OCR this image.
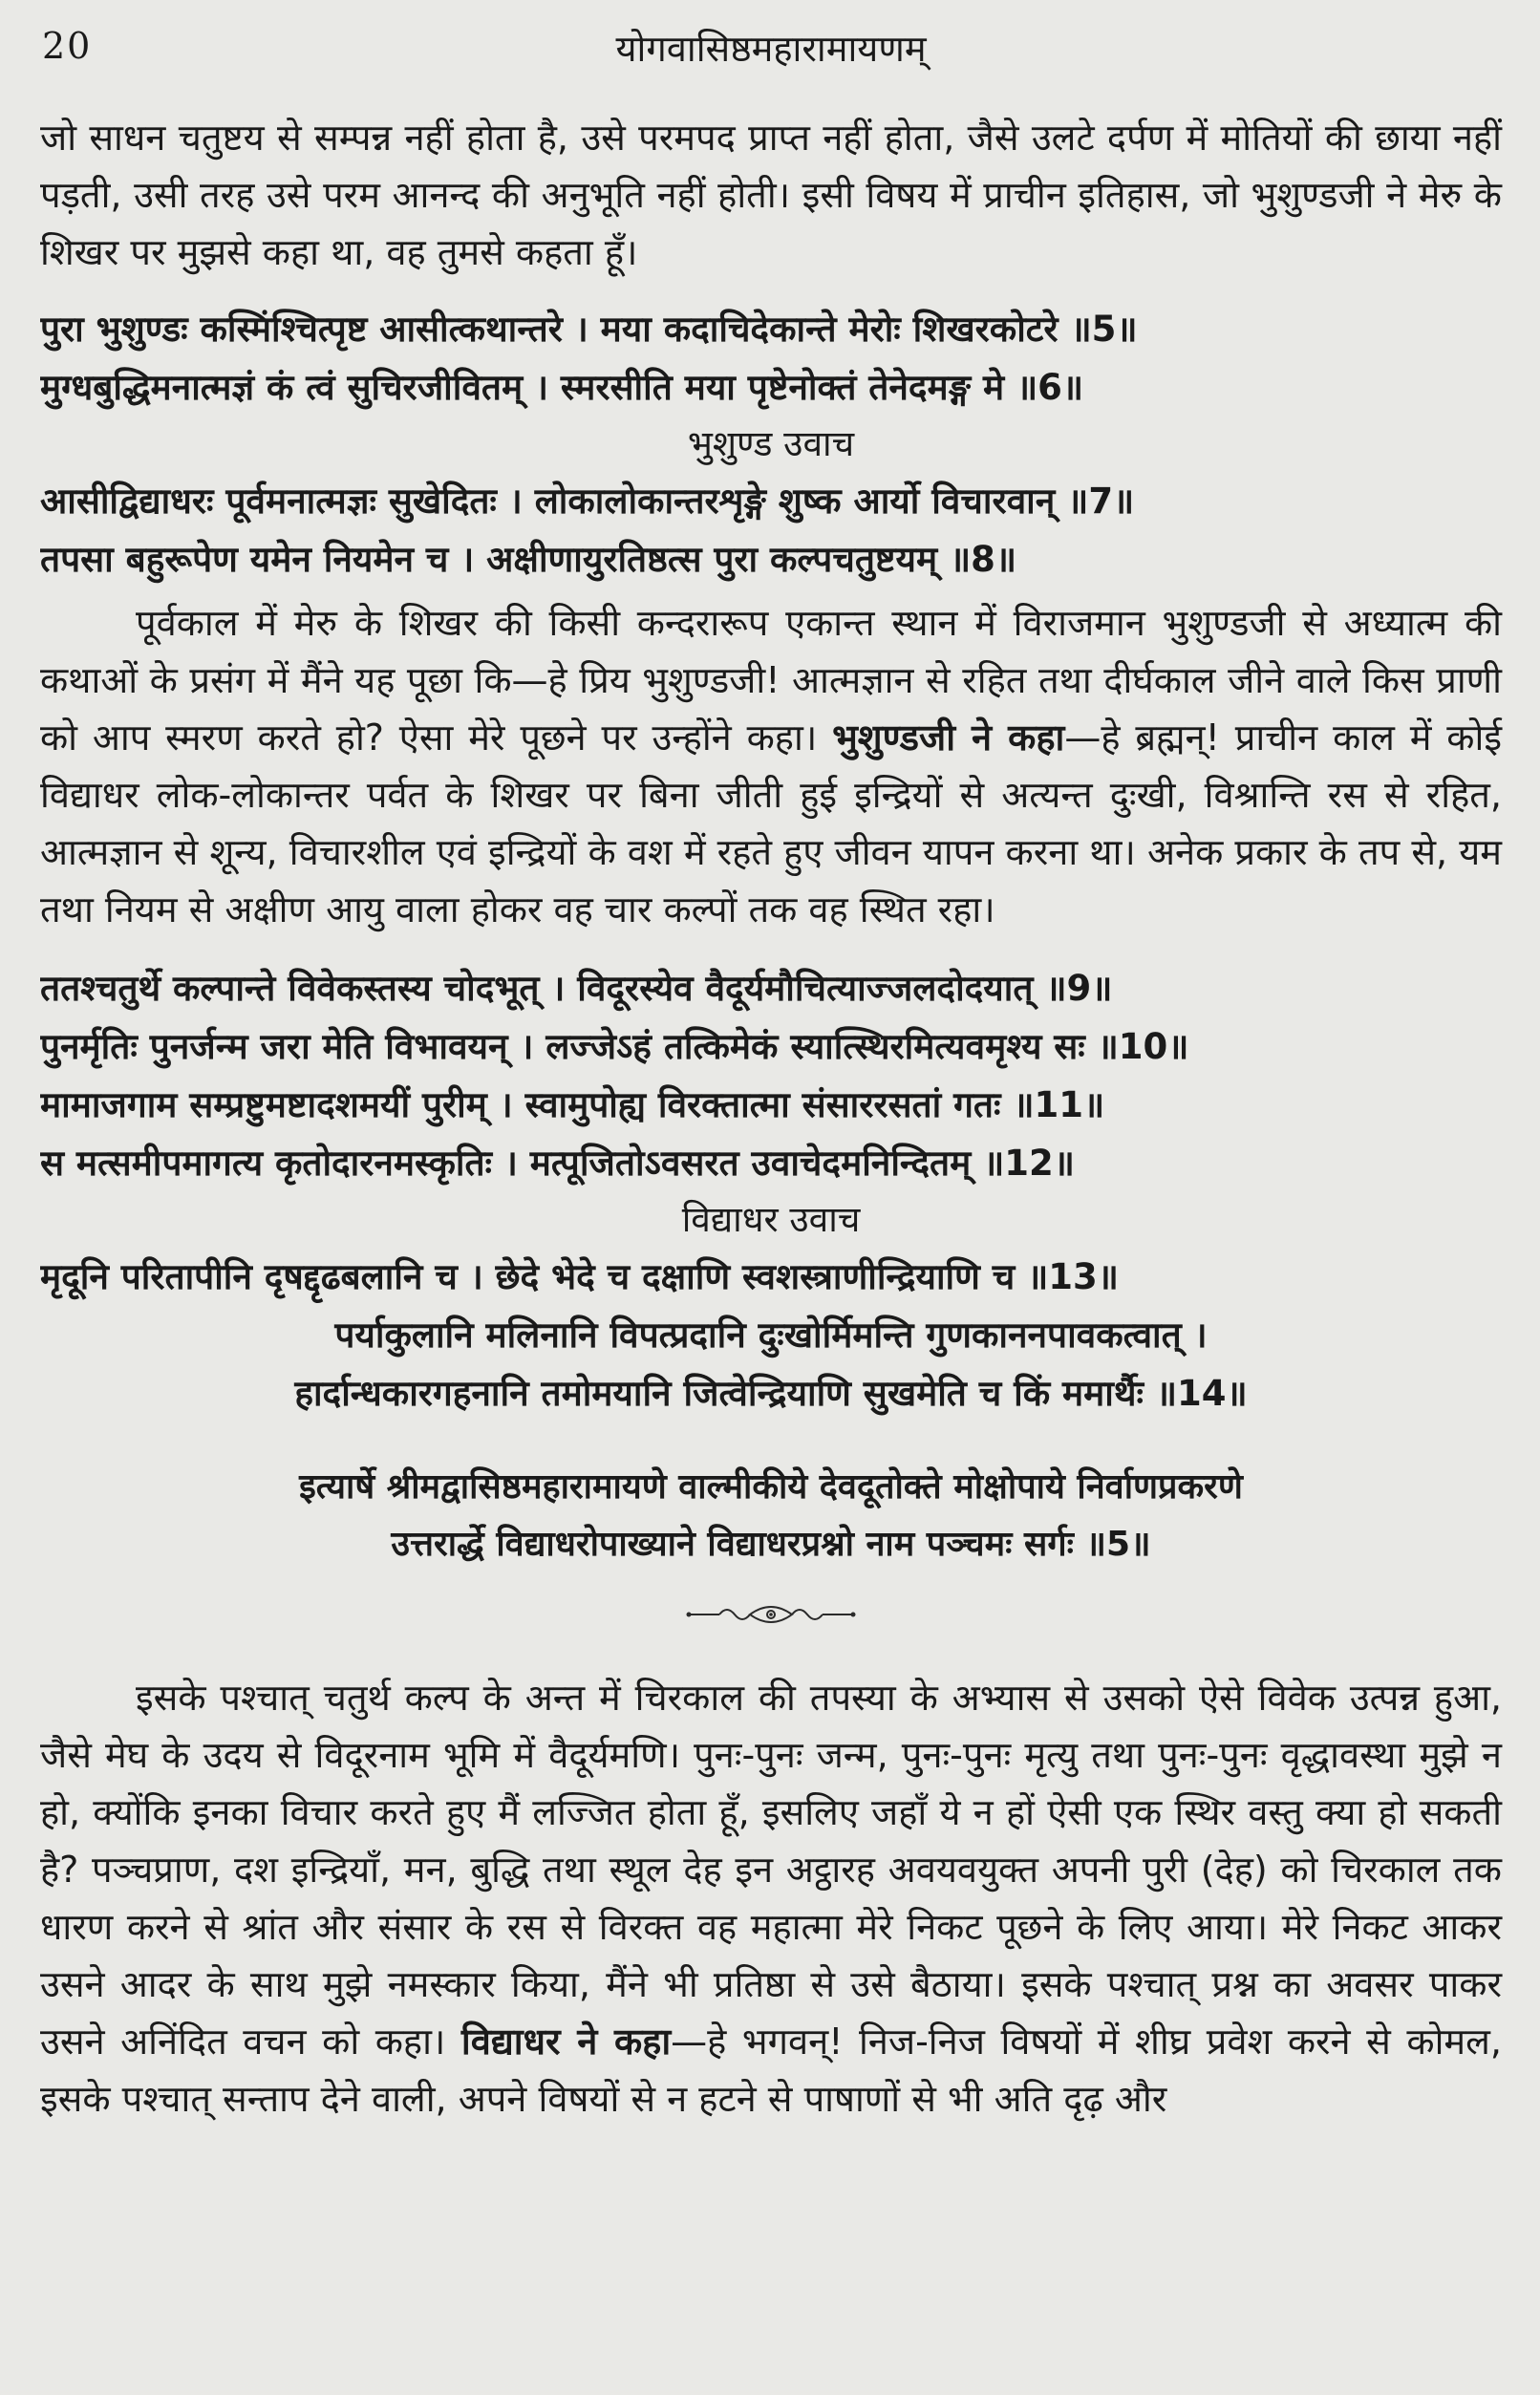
20	योगवासिष्ठमहारामायणम्

जो साधन चतुष्टय से सम्पन्न नहीं होता है, उसे परमपद प्राप्त नहीं होता, जैसे उलटे दर्पण में मोतियों की छाया नहीं पड़ती, उसी तरह उसे परम आनन्द की अनुभूति नहीं होती। इसी विषय में प्राचीन इतिहास, जो भुशुण्डजी ने मेरु के शिखर पर मुझसे कहा था, वह तुमसे कहता हूँ।

पुरा भुशुण्डः कस्मिंश्चित्पृष्ट आसीत्कथान्तरे । मया कदाचिदेकान्ते मेरोः शिखरकोटरे ॥5॥
मुग्धबुद्धिमनात्मज्ञं कं त्वं सुचिरजीवितम् । स्मरसीति मया पृष्टेनोक्तं तेनेदमङ्ग मे ॥6॥
भुशुण्ड उवाच
आसीद्विद्याधरः पूर्वमनात्मज्ञः सुखेदितः । लोकालोकान्तरशृङ्गे शुष्क आर्यो विचारवान् ॥7॥
तपसा बहुरूपेण यमेन नियमेन च । अक्षीणायुरतिष्ठत्स पुरा कल्पचतुष्टयम् ॥8॥

पूर्वकाल में मेरु के शिखर की किसी कन्दरारूप एकान्त स्थान में विराजमान भुशुण्डजी से अध्यात्म की कथाओं के प्रसंग में मैंने यह पूछा कि—हे प्रिय भुशुण्डजी! आत्मज्ञान से रहित तथा दीर्घकाल जीने वाले किस प्राणी को आप स्मरण करते हो? ऐसा मेरे पूछने पर उन्होंने कहा। भुशुण्डजी ने कहा—हे ब्रह्मन्! प्राचीन काल में कोई विद्याधर लोक-लोकान्तर पर्वत के शिखर पर बिना जीती हुई इन्द्रियों से अत्यन्त दुःखी, विश्रान्ति रस से रहित, आत्मज्ञान से शून्य, विचारशील एवं इन्द्रियों के वश में रहते हुए जीवन यापन करना था। अनेक प्रकार के तप से, यम तथा नियम से अक्षीण आयु वाला होकर वह चार कल्पों तक वह स्थित रहा।

ततश्चतुर्थे कल्पान्ते विवेकस्तस्य चोदभूत् । विदूरस्येव वैदूर्यमौचित्याज्जलदोदयात् ॥9॥
पुनर्मृतिः पुनर्जन्म जरा मेति विभावयन् । लज्जेऽहं तत्किमेकं स्यात्स्थिरमित्यवमृश्य सः ॥10॥
मामाजगाम सम्प्रष्टुमष्टादशमयीं पुरीम् । स्वामुपोह्य विरक्तात्मा संसाररसतां गतः ॥11॥
स मत्समीपमागत्य कृतोदारनमस्कृतिः । मत्पूजितोऽवसरत उवाचेदमनिन्दितम् ॥12॥
विद्याधर उवाच
मृदूनि परितापीनि दृषद्दृढबलानि च । छेदे भेदे च दक्षाणि स्वशस्त्राणीन्द्रियाणि च ॥13॥
पर्याकुलानि मलिनानि विपत्प्रदानि दुःखोर्मिमन्ति गुणकाननपावकत्वात् ।
हार्दान्धकारगहनानि तमोमयानि जित्वेन्द्रियाणि सुखमेति च किं ममार्थैः ॥14॥
इत्यार्षे श्रीमद्वासिष्ठमहारामायणे वाल्मीकीये देवदूतोक्ते मोक्षोपाये निर्वाणप्रकरणे
उत्तरार्द्धे विद्याधरोपाख्याने विद्याधरप्रश्नो नाम पञ्चमः सर्गः ॥5॥

इसके पश्चात् चतुर्थ कल्प के अन्त में चिरकाल की तपस्या के अभ्यास से उसको ऐसे विवेक उत्पन्न हुआ, जैसे मेघ के उदय से विदूरनाम भूमि में वैदूर्यमणि। पुनः-पुनः जन्म, पुनः-पुनः मृत्यु तथा पुनः-पुनः वृद्धावस्था मुझे न हो, क्योंकि इनका विचार करते हुए मैं लज्जित होता हूँ, इसलिए जहाँ ये न हों ऐसी एक स्थिर वस्तु क्या हो सकती है? पञ्चप्राण, दश इन्द्रियाँ, मन, बुद्धि तथा स्थूल देह इन अट्ठारह अवयवयुक्त अपनी पुरी (देह) को चिरकाल तक धारण करने से श्रांत और संसार के रस से विरक्त वह महात्मा मेरे निकट पूछने के लिए आया। मेरे निकट आकर उसने आदर के साथ मुझे नमस्कार किया, मैंने भी प्रतिष्ठा से उसे बैठाया। इसके पश्चात् प्रश्न का अवसर पाकर उसने अनिंदित वचन को कहा। विद्याधर ने कहा—हे भगवन्! निज-निज विषयों में शीघ्र प्रवेश करने से कोमल, इसके पश्चात् सन्ताप देने वाली, अपने विषयों से न हटने से पाषाणों से भी अति दृढ़ और
